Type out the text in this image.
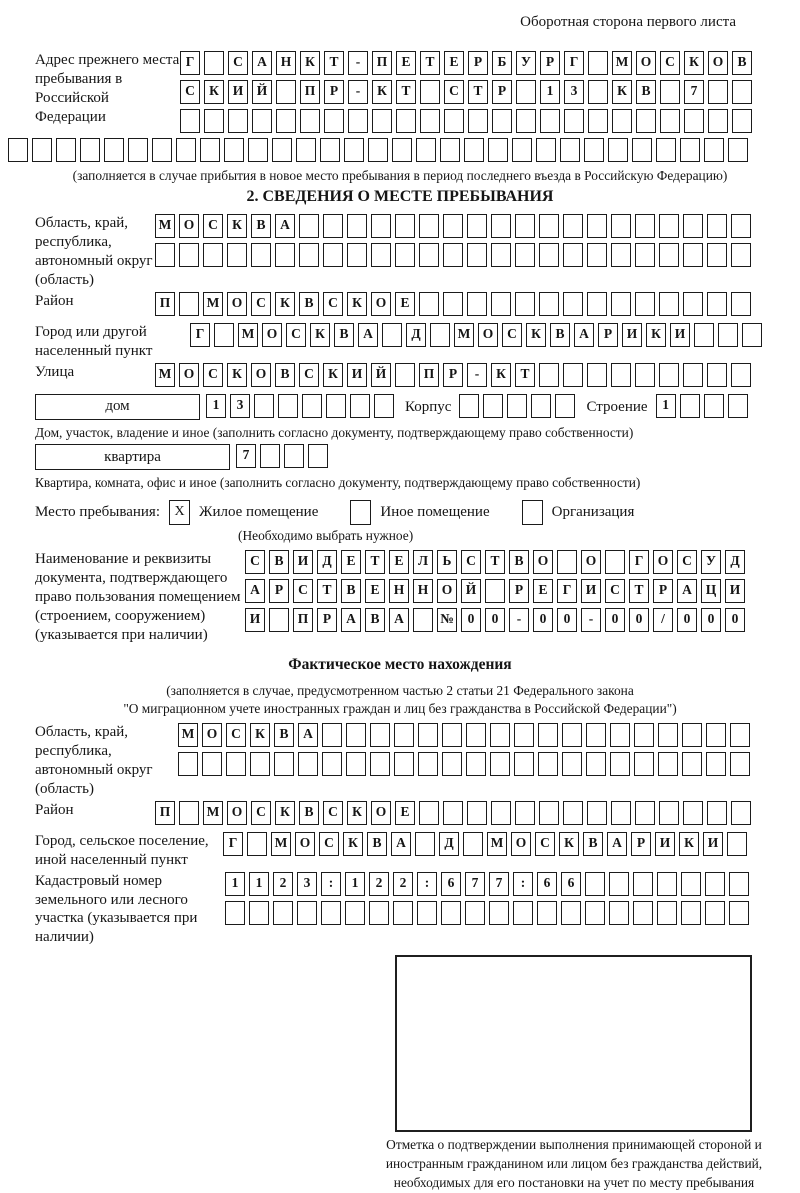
Оборотная сторона первого листа
Адрес прежнего места пребывания в Российской Федерации
Г	С	А	Н	К	Т	-	П	Е	Т	Е	Р	Б	У	Р	Г	М О	С	К	О	В
С	К	И Й	П	Р	-	К	Т	С	Т	Р	1	3	К	В	7
(заполняется в случае прибытия в новое место пребывания в период последнего въезда в Российскую Федерацию)
2. СВЕДЕНИЯ О МЕСТЕ ПРЕБЫВАНИЯ
Область, край, республика, автономный округ (область)
М О	С	К	В	А
Район	П	М О	С	К	В	С	К	О	Е
Город или другой населенный пункт
Г	М О	С	К	В	А	Д	М О	С	К	В	А	Р	И	К	И
Улица	М О	С	К	О	В	С	К	И Й	П	Р	-	К	Т
дом	1	3	Корпус	Строение	1
Дом, участок, владение и иное (заполнить согласно документу, подтверждающему право собственности)
квартира	7
Квартира, комната, офис и иное (заполнить согласно документу, подтверждающему право собственности)
Место пребывания:	X Жилое помещение	Иное помещение	Организация
(Необходимо выбрать нужное)
Наименование и реквизиты документа, подтверждающего право пользования помещением (строением, сооружением) (указывается при наличии)
С	В	И	Д	Е	Т	Е	Л	Ь	С	Т	В	О	О	Г	О	С	У	Д
А	Р	С	Т	В	Е	Н Н О Й	Р	Е	Г	И	С	Т	Р	А	Ц И
И	П	Р	А	В	А	№	0	0	-	0	0	-	0	0	/	0	0	0
Фактическое место нахождения
(заполняется в случае, предусмотренном частью 2 статьи 21 Федерального закона
"О миграционном учете иностранных граждан и лиц без гражданства в Российской Федерации")
Область, край, республика, автономный округ (область)
М О	С	К	В	А
Район	П	М О	С	К	В	С	К	О	Е
Город, сельское поселение, иной населенный пункт
Г	М О	С	К	В	А	Д	М О	С	К	В	А	Р	И	К	И
Кадастровый номер земельного или лесного участка (указывается при наличии)
1	1	2	3	:	1	2	2	:	6	7	7	:	6	6
Отметка о подтверждении выполнения принимающей стороной и иностранным гражданином или лицом без гражданства действий, необходимых для его постановки на учет по месту пребывания
